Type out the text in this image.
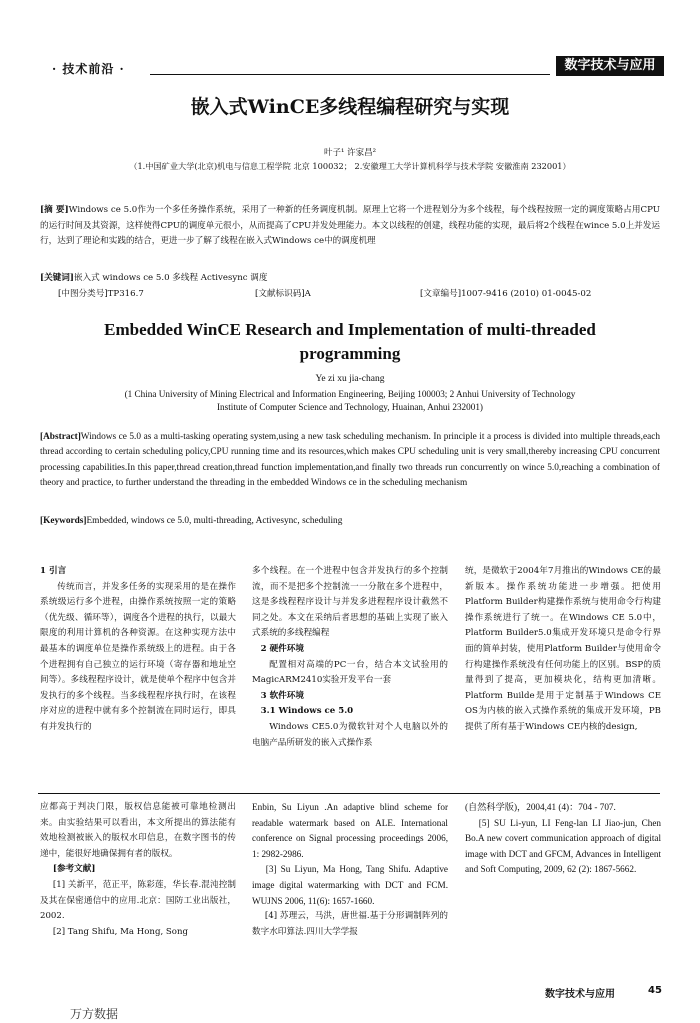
· 技术前沿 ·	数字技术与应用
嵌入式WinCE多线程编程研究与实现
叶子¹ 许家昌²
（1.中国矿业大学(北京)机电与信息工程学院 北京 100032； 2.安徽理工大学计算机科学与技术学院 安徽淮南 232001）
[摘 要]Windows ce 5.0作为一个多任务操作系统，采用了一种新的任务调度机制。原理上它将一个进程划分为多个线程，每个线程按照一定的调度策略占用CPU的运行时间及其资源，这样使得CPU的调度单元很小，从而提高了CPU并发处理能力。本文以线程的创建，线程功能的实现，最后将2个线程在wince 5.0上并发运行，达到了理论和实践的结合，更进一步了解了线程在嵌入式Windows ce中的调度机理
[关键词]嵌入式 windows ce 5.0 多线程 Activesync 调度
[中图分类号]TP316.7	[文献标识码]A	[文章编号]1007-9416 (2010) 01-0045-02
Embedded WinCE Research and Implementation of multi-threaded
programming
Ye zi xu jia-chang
(1 China University of Mining Electrical and Information Engineering, Beijing 100003; 2 Anhui University of Technology
Institute of Computer Science and Technology, Huainan, Anhui 232001)
[Abstract]Windows ce 5.0 as a multi-tasking operating system,using a new task scheduling mechanism. In principle it a process is divided into multiple threads,each thread according to certain scheduling policy,CPU running time and its resources,which makes CPU scheduling unit is very small,thereby increasing CPU concurrent processing capabilities.In this paper,thread creation,thread function implementation,and finally two threads run concurrently on wince 5.0,reaching a combination of theory and practice, to further understand the threading in the embedded Windows ce in the scheduling mechanism
[Keywords]Embedded, windows ce 5.0, multi-threading, Activesync, scheduling

1 引言

传统而言，并发多任务的实现采用的是在操作系统级运行多个进程，由操作系统按照一定的策略（优先级、循环等），调度各个进程的执行，以最大限度的利用计算机的各种资源。在这种实现方法中最基本的调度单位是操作系统级上的进程。由于各个进程拥有自己独立的运行环境（寄存器和地址空间等）。多线程程序设计，就是使单个程序中包含并发执行的多个线程。当多线程程序执行时，在该程序对应的进程中就有多个控制流在同时运行，即具有并发执行的

多个线程。在一个进程中包含并发执行的多个控制流，而不是把多个控制流一一分散在多个进程中，这是多线程程序设计与并发多进程程序设计截然不同之处。本文在采纳后者思想的基础上实现了嵌入式系统的多线程编程

2 硬件环境

配置相对高端的PC一台，结合本文试验用的MagicARM2410实验开发平台一套

3 软件环境

3.1 Windows ce 5.0

Windows CE5.0为微软针对个人电脑以外的电脑产品所研发的嵌入式操作系

统，是微软于2004年7月推出的Windows CE的最新版本。操作系统功能进一步增强。把使用Platform Builder构建操作系统与使用命令行构建操作系统进行了统一。在Windows CE 5.0中，Platform Builder5.0集成开发环境只是命令行界面的简单封装，使用Platform Builder与使用命令行构建操作系统没有任何功能上的区别。BSP的质量得到了提高，更加模块化，结构更加清晰。Platform Builde是用于定制基于Windows CE OS为内核的嵌入式操作系统的集成开发环境，PB提供了所有基于Windows CE内核的design,

应都高于判决门限，版权信息能被可靠地检测出来。由实验结果可以看出，本文所提出的算法能有效地检测被嵌入的版权水印信息，在数字图书的传递中，能很好地确保拥有者的版权。

[参考文献]

[1] 关新平，范正平，陈彩莲，华长春.混沌控制及其在保密通信中的应用.北京：国防工业出版社，2002.

[2] Tang Shifu, Ma Hong, Song

Enbin, Su Liyun .An adaptive blind scheme for readable watermark based on ALE. International conference on Signal processing proceedings 2006, 1: 2982-2986.

[3] Su Liyun, Ma Hong, Tang Shifu. Adaptive image digital watermarking with DCT and FCM. WUJNS 2006, 11(6): 1657-1660.

[4] 苏理云，马洪，唐世福.基于分形调制阵列的数字水印算法.四川大学学报

(自然科学版)，2004,41 (4)：704 - 707.

[5] SU Li-yun, LI Feng-lan LI Jiao-jun, Chen Bo.A new covert communication approach of digital image with DCT and GFCM, Advances in Intelligent and Soft Computing, 2009, 62 (2): 1867-5662.

数字技术与应用	45
万方数据
